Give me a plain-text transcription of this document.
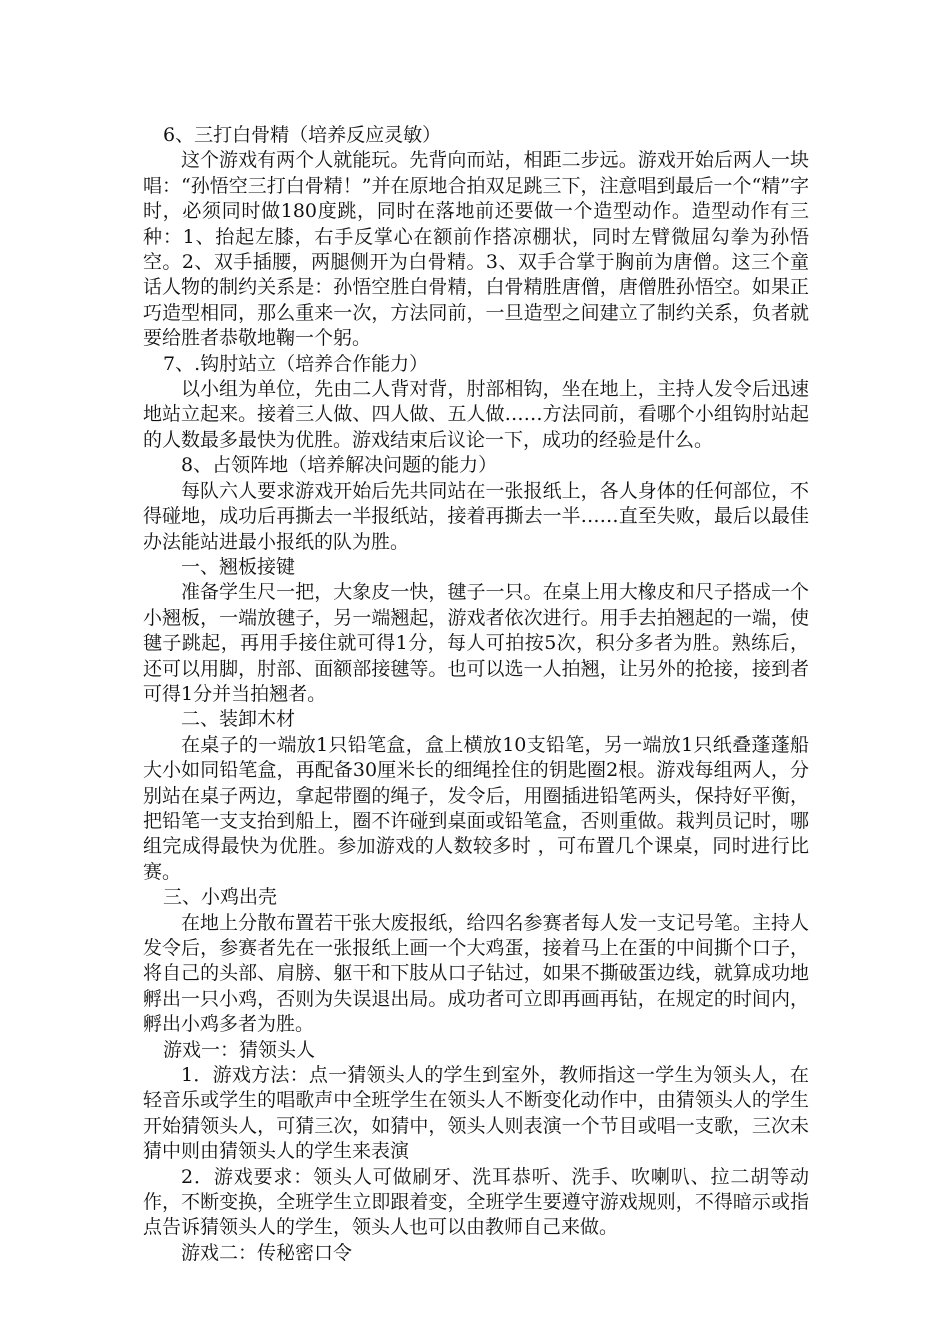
6、三打白骨精（培养反应灵敏）

这个游戏有两个人就能玩。先背向而站，相距二步远。游戏开始后两人一块唱：“孙悟空三打白骨精！”并在原地合拍双足跳三下，注意唱到最后一个“精”字时，必须同时做180度跳，同时在落地前还要做一个造型动作。造型动作有三种：1、抬起左膝，右手反掌心在额前作搭凉棚状，同时左臂微屈勾拳为孙悟空。2、双手插腰，两腿侧开为白骨精。3、双手合掌于胸前为唐僧。这三个童话人物的制约关系是：孙悟空胜白骨精，白骨精胜唐僧，唐僧胜孙悟空。如果正巧造型相同，那么重来一次，方法同前，一旦造型之间建立了制约关系，负者就要给胜者恭敬地鞠一个躬。

7、.钩肘站立（培养合作能力）

以小组为单位，先由二人背对背，肘部相钩，坐在地上，主持人发令后迅速地站立起来。接着三人做、四人做、五人做……方法同前，看哪个小组钩肘站起的人数最多最快为优胜。游戏结束后议论一下，成功的经验是什么。

8、占领阵地（培养解决问题的能力）

每队六人要求游戏开始后先共同站在一张报纸上，各人身体的任何部位，不得碰地，成功后再撕去一半报纸站，接着再撕去一半……直至失败，最后以最佳办法能站进最小报纸的队为胜。

一、翘板接键

准备学生尺一把，大象皮一快，毽子一只。在桌上用大橡皮和尺子搭成一个小翘板，一端放毽子，另一端翘起，游戏者依次进行。用手去拍翘起的一端，使毽子跳起，再用手接住就可得1分，每人可拍按5次，积分多者为胜。熟练后，还可以用脚，肘部、面额部接毽等。也可以选一人拍翘，让另外的抢接，接到者可得1分并当拍翘者。

二、装卸木材

在桌子的一端放1只铅笔盒，盒上横放10支铅笔，另一端放1只纸叠蓬蓬船大小如同铅笔盒，再配备30厘米长的细绳拴住的钥匙圈2根。游戏每组两人，分别站在桌子两边，拿起带圈的绳子，发令后，用圈插进铅笔两头，保持好平衡，把铅笔一支支抬到船上，圈不许碰到桌面或铅笔盒，否则重做。栽判员记时，哪组完成得最快为优胜。参加游戏的人数较多时 ，可布置几个课桌，同时进行比赛。

三、小鸡出壳

在地上分散布置若干张大废报纸，给四名参赛者每人发一支记号笔。主持人发令后，参赛者先在一张报纸上画一个大鸡蛋，接着马上在蛋的中间撕个口子，将自己的头部、肩膀、躯干和下肢从口子钻过，如果不撕破蛋边线，就算成功地孵出一只小鸡，否则为失误退出局。成功者可立即再画再钻，在规定的时间内，孵出小鸡多者为胜。

游戏一：猜领头人

1．游戏方法：点一猜领头人的学生到室外，教师指这一学生为领头人，在轻音乐或学生的唱歌声中全班学生在领头人不断变化动作中，由猜领头人的学生开始猜领头人，可猜三次，如猜中，领头人则表演一个节目或唱一支歌，三次未猜中则由猜领头人的学生来表演

2．游戏要求：领头人可做刷牙、洗耳恭听、洗手、吹喇叭、拉二胡等动作，不断变换，全班学生立即跟着变，全班学生要遵守游戏规则，不得暗示或指点告诉猜领头人的学生，领头人也可以由教师自己来做。

游戏二：传秘密口令
